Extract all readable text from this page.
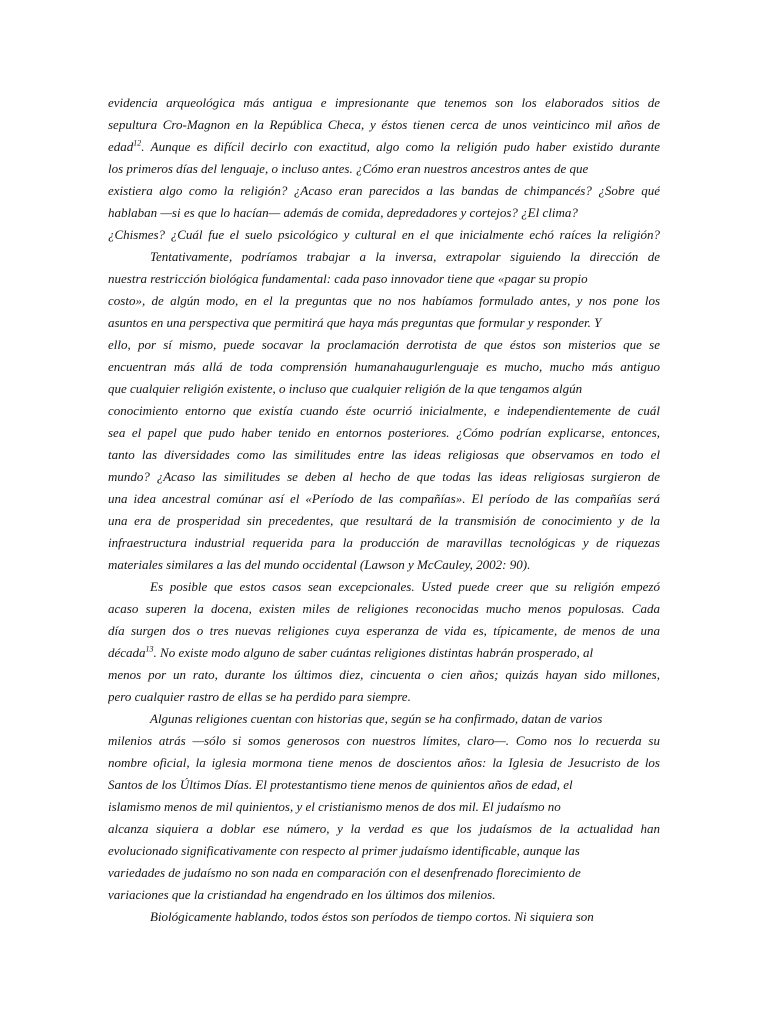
evidencia arqueológica más antigua e impresionante que tenemos son los elaborados sitios de
sepultura Cro-Magnon en la República Checa, y éstos tienen cerca de unos veinticinco mil años de
edad$^{12}$. Aunque es difícil decirlo con exactitud, algo como la religión pudo haber existido durante
los primeros días del lenguaje, o incluso antes. ¿Cómo eran nuestros ancestros antes de que
existiera algo como la religión? ¿Acaso eran parecidos a las bandas de chimpancés? ¿Sobre qué
hablaban —si es que lo hacían— además de comida, depredadores y cortejos? ¿El clima?
¿Chismes? ¿Cuál fue el suelo psicológico y cultural en el que inicialmente echó raíces la religión?
Tentativamente, podríamos trabajar a la inversa, extrapolar siguiendo la dirección de
nuestra restricción biológica fundamental: cada paso innovador tiene que «pagar su propio
costo», de algún modo, en el la preguntas que no nos habíamos formulado antes, y nos pone los
asuntos en una perspectiva que permitirá que haya más preguntas que formular y responder. Y
ello, por sí mismo, puede socavar la proclamación derrotista de que éstos son misterios que se
encuentran más allá de toda comprensión humanahaugurlenguaje es mucho, mucho más antiguo
que cualquier religión existente, o incluso que cualquier religión de la que tengamos algún
conocimiento entorno que existía cuando éste ocurrió inicialmente, e independientemente de cuál
sea el papel que pudo haber tenido en entornos posteriores. ¿Cómo podrían explicarse, entonces,
tanto las diversidades como las similitudes entre las ideas religiosas que observamos en todo el
mundo? ¿Acaso las similitudes se deben al hecho de que todas las ideas religiosas surgieron de
una idea ancestral comúnar así el «Período de las compañías». El período de las compañías será
una era de prosperidad sin precedentes, que resultará de la transmisión de conocimiento y de la
infraestructura industrial requerida para la producción de maravillas tecnológicas y de riquezas
materiales similares a las del mundo occidental (Lawson y McCauley, 2002: 90).
Es posible que estos casos sean excepcionales. Usted puede creer que su religión empezó
acaso superen la docena, existen miles de religiones reconocidas mucho menos populosas. Cada
día surgen dos o tres nuevas religiones cuya esperanza de vida es, típicamente, de menos de una
década$^{13}$. No existe modo alguno de saber cuántas religiones distintas habrán prosperado, al
menos por un rato, durante los últimos diez, cincuenta o cien años; quizás hayan sido millones,
pero cualquier rastro de ellas se ha perdido para siempre.
Algunas religiones cuentan con historias que, según se ha confirmado, datan de varios
milenios atrás —sólo si somos generosos con nuestros límites, claro—. Como nos lo recuerda su
nombre oficial, la iglesia mormona tiene menos de doscientos años: la Iglesia de Jesucristo de los
Santos de los Últimos Días. El protestantismo tiene menos de quinientos años de edad, el
islamismo menos de mil quinientos, y el cristianismo menos de dos mil. El judaísmo no
alcanza siquiera a doblar ese número, y la verdad es que los judaísmos de la actualidad han
evolucionado significativamente con respecto al primer judaísmo identificable, aunque las
variedades de judaísmo no son nada en comparación con el desenfrenado florecimiento de
variaciones que la cristiandad ha engendrado en los últimos dos milenios.
Biológicamente hablando, todos éstos son períodos de tiempo cortos. Ni siquiera son
